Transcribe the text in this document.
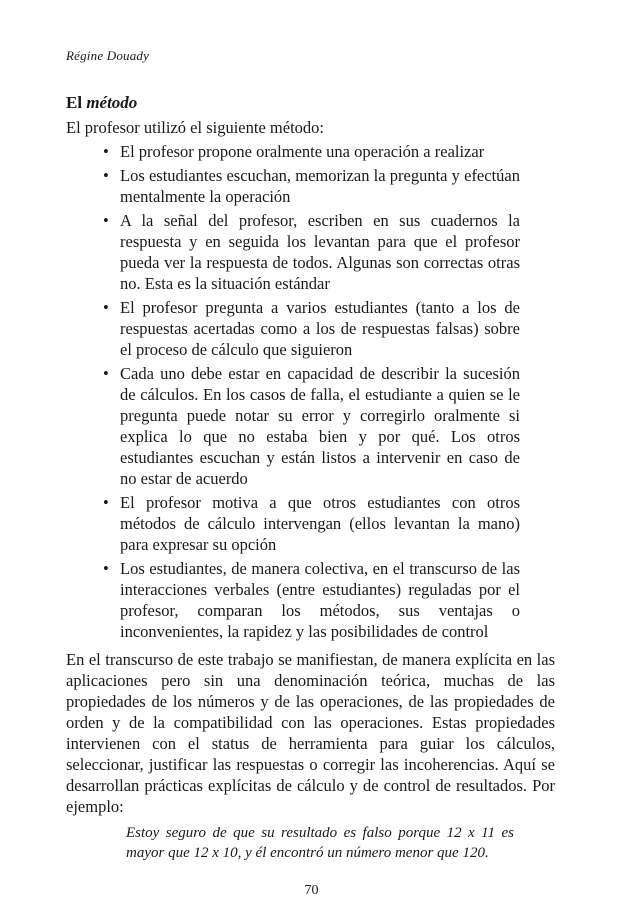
Régine Douady
El método
El profesor utilizó el siguiente método:
• El profesor propone oralmente una operación a realizar
• Los estudiantes escuchan, memorizan la pregunta y efectúan mentalmente la operación
• A la señal del profesor, escriben en sus cuadernos la respuesta y en seguida los levantan para que el profesor pueda ver la respuesta de todos. Algunas son correctas otras no. Esta es la situación estándar
• El profesor pregunta a varios estudiantes (tanto a los de respuestas acertadas como a los de respuestas falsas) sobre el proceso de cálculo que siguieron
• Cada uno debe estar en capacidad de describir la sucesión de cálculos. En los casos de falla, el estudiante a quien se le pregunta puede notar su error y corregirlo oralmente si explica lo que no estaba bien y por qué. Los otros estudiantes escuchan y están listos a intervenir en caso de no estar de acuerdo
• El profesor motiva a que otros estudiantes con otros métodos de cálculo intervengan (ellos levantan la mano) para expresar su opción
• Los estudiantes, de manera colectiva, en el transcurso de las interacciones verbales (entre estudiantes) reguladas por el profesor, comparan los métodos, sus ventajas o inconvenientes, la rapidez y las posibilidades de control

En el transcurso de este trabajo se manifiestan, de manera explícita en las aplicaciones pero sin una denominación teórica, muchas de las propiedades de los números y de las operaciones, de las propiedades de orden y de la compatibilidad con las operaciones. Estas propiedades intervienen con el status de herramienta para guiar los cálculos, seleccionar, justificar las respuestas o corregir las incoherencias. Aquí se desarrollan prácticas explícitas de cálculo y de control de resultados. Por ejemplo:

Estoy seguro de que su resultado es falso porque 12 x 11 es mayor que 12 x 10, y él encontró un número menor que 120.

70
